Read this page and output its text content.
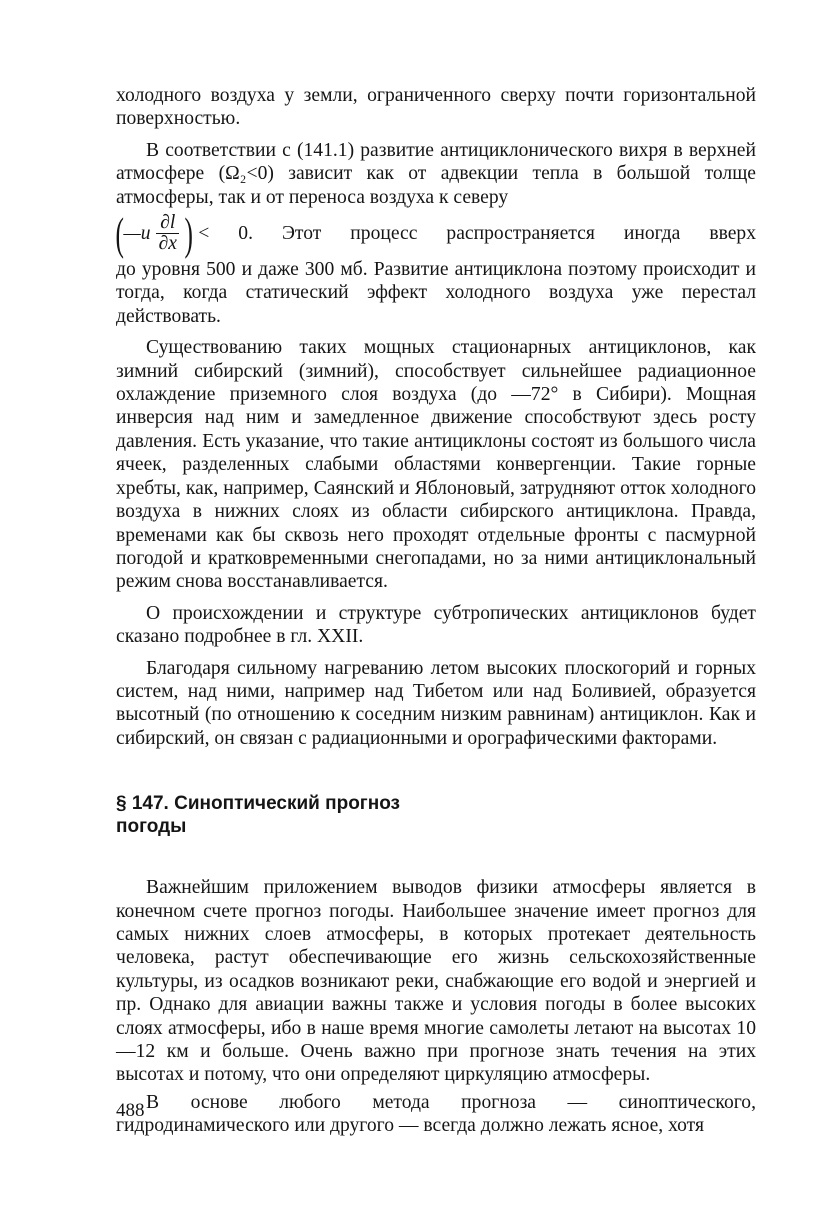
холодного воздуха у земли, ограниченного сверху почти горизонтальной поверхностью.

В соответствии с (141.1) развитие антициклонического вихря в верхней атмосфере (Ω₂<0) зависит как от адвекции тепла в большой толще атмосферы, так и от переноса воздуха к северу

( —u $\frac{\partial l}{\partial x}$ ) < 0. Этот процесс распространяется иногда вверх

до уровня 500 и даже 300 мб. Развитие антициклона поэтому происходит и тогда, когда статический эффект холодного воздуха уже перестал действовать.

Существованию таких мощных стационарных антициклонов, как зимний сибирский (зимний), способствует сильнейшее радиационное охлаждение приземного слоя воздуха (до —72° в Сибири). Мощная инверсия над ним и замедленное движение способствуют здесь росту давления. Есть указание, что такие антициклоны состоят из большого числа ячеек, разделенных слабыми областями конвергенции. Такие горные хребты, как, например, Саянский и Яблоновый, затрудняют отток холодного воздуха в нижних слоях из области сибирского антициклона. Правда, временами как бы сквозь него проходят отдельные фронты с пасмурной погодой и кратковременными снегопадами, но за ними антициклональный режим снова восстанавливается.

О происхождении и структуре субтропических антициклонов будет сказано подробнее в гл. XXII.

Благодаря сильному нагреванию летом высоких плоскогорий и горных систем, над ними, например над Тибетом или над Боливией, образуется высотный (по отношению к соседним низким равнинам) антициклон. Как и сибирский, он связан с радиационными и орографическими факторами.

§ 147. Синоптический прогноз
погоды

Важнейшим приложением выводов физики атмосферы является в конечном счете прогноз погоды. Наибольшее значение имеет прогноз для самых нижних слоев атмосферы, в которых протекает деятельность человека, растут обеспечивающие его жизнь сельскохозяйственные культуры, из осадков возникают реки, снабжающие его водой и энергией и пр. Однако для авиации важны также и условия погоды в более высоких слоях атмосферы, ибо в наше время многие самолеты летают на высотах 10—12 км и больше. Очень важно при прогнозе знать течения на этих высотах и потому, что они определяют циркуляцию атмосферы.

В основе любого метода прогноза — синоптического, гидродинамического или другого — всегда должно лежать ясное, хотя

488
